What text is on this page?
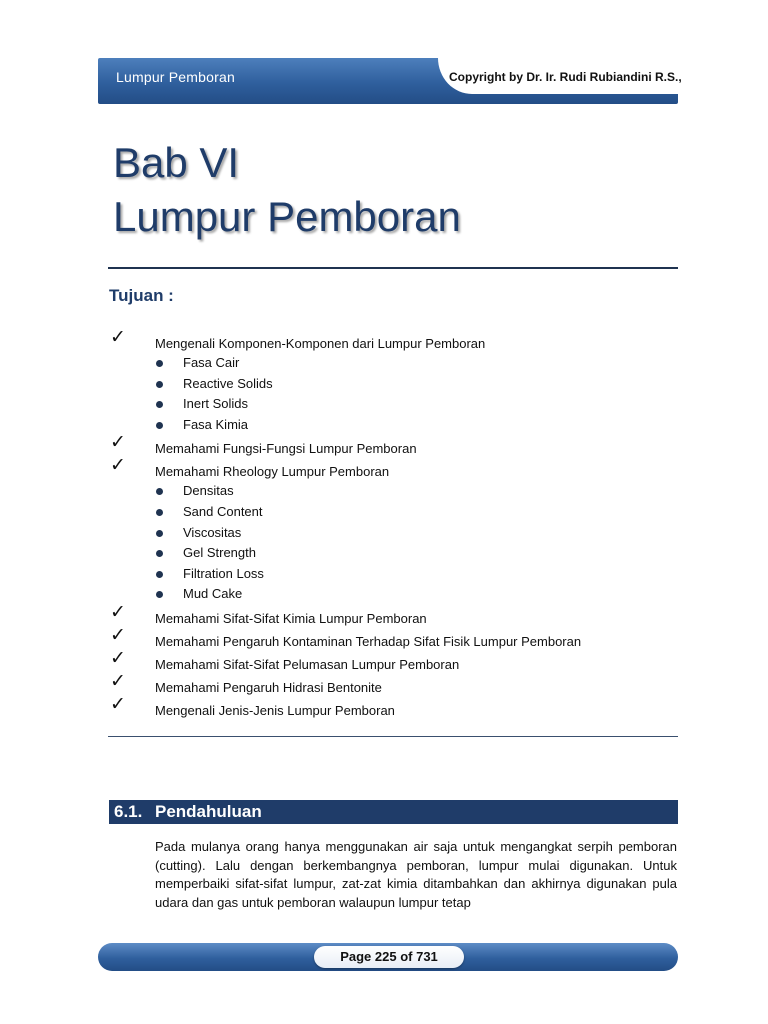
Lumpur Pemboran	Copyright by Dr. Ir. Rudi Rubiandini R.S.,
Bab VI
Lumpur Pemboran
Tujuan :
✓ Mengenali Komponen-Komponen dari Lumpur Pemboran
Fasa Cair
Reactive Solids
Inert Solids
Fasa Kimia
✓ Memahami Fungsi-Fungsi Lumpur Pemboran
✓ Memahami Rheology Lumpur Pemboran
Densitas
Sand Content
Viscositas
Gel Strength
Filtration Loss
Mud Cake
✓ Memahami Sifat-Sifat Kimia Lumpur Pemboran
✓ Memahami Pengaruh Kontaminan Terhadap Sifat Fisik Lumpur Pemboran
✓ Memahami Sifat-Sifat Pelumasan Lumpur Pemboran
✓ Memahami Pengaruh Hidrasi Bentonite
✓ Mengenali Jenis-Jenis Lumpur Pemboran
6.1. Pendahuluan
Pada mulanya orang hanya menggunakan air saja untuk mengangkat serpih pemboran (cutting). Lalu dengan berkembangnya pemboran, lumpur mulai digunakan. Untuk memperbaiki sifat-sifat lumpur, zat-zat kimia ditambahkan dan akhirnya digunakan pula udara dan gas untuk pemboran walaupun lumpur tetap
Page 225 of 731
